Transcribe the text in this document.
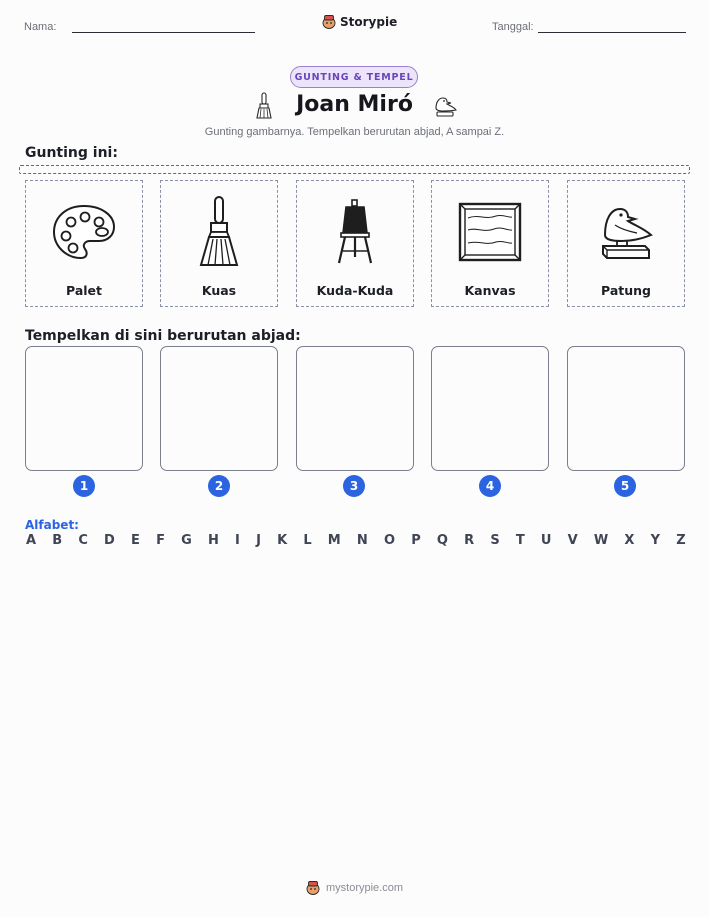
Nama:	Storypie	Tanggal:
GUNTING & TEMPEL
Joan Miró
Gunting gambarnya. Tempelkan berurutan abjad, A sampai Z.
Gunting ini:
Palet	Kuas	Kuda-Kuda	Kanvas	Patung
Tempelkan di sini berurutan abjad:
1	2	3	4	5
Alfabet:
A B C D E F G H I J K L M N O P Q R S T U V W X Y Z
mystorypie.com
